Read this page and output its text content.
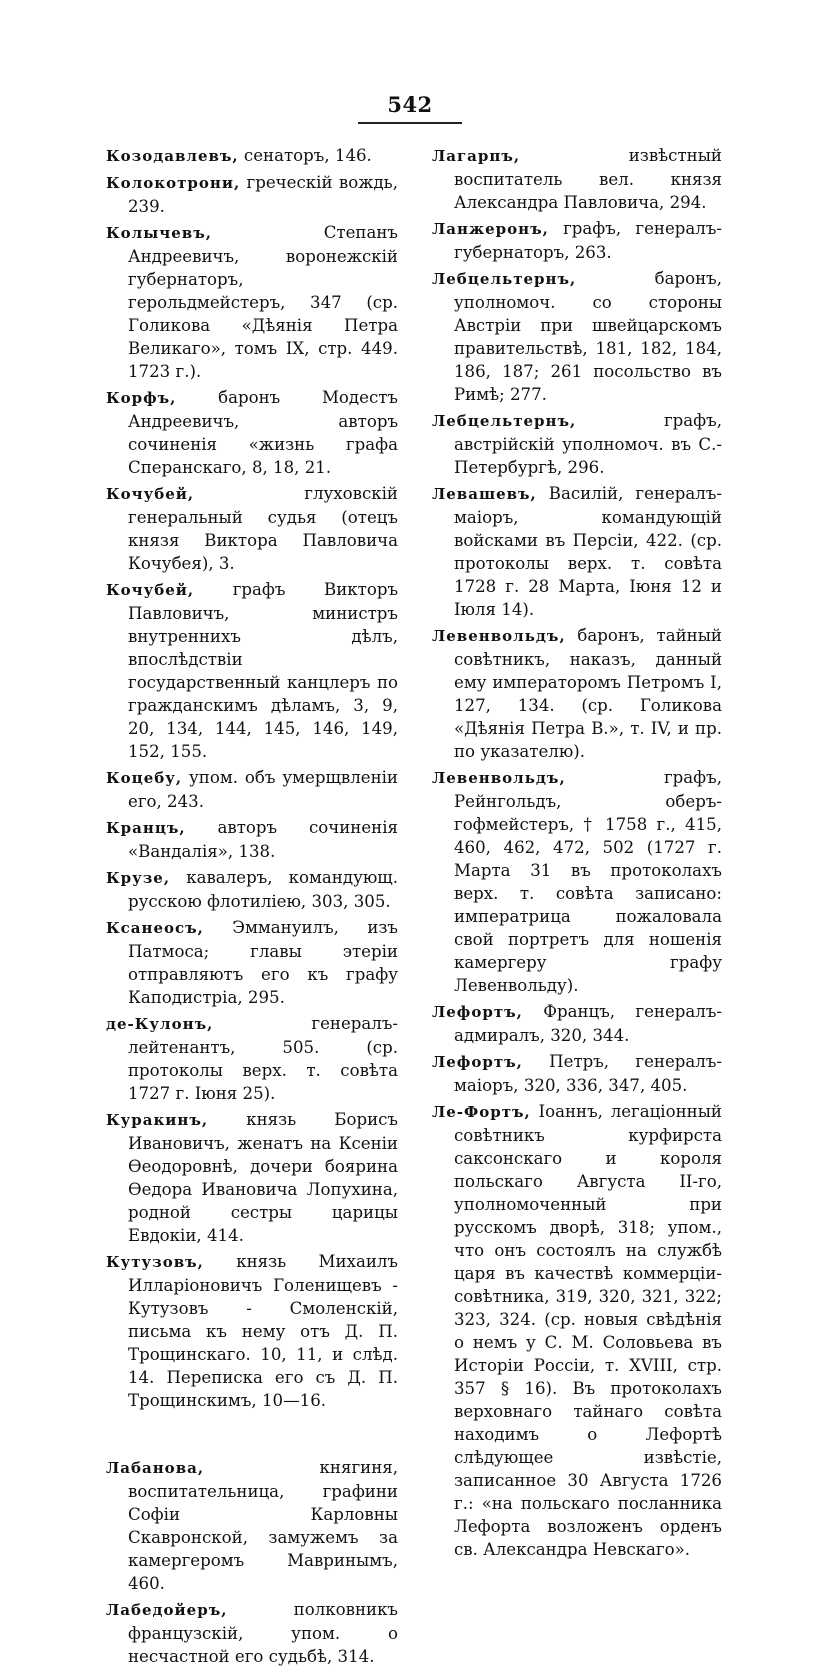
542

Козодавлевъ, сенаторъ, 146.

Колокотрони, греческій вождь, 239.

Колычевъ, Степанъ Андреевичъ, воронежскій губернаторъ, герольдмейстеръ, 347 (ср. Голикова «Дѣянія Петра Великаго», томъ IX, стр. 449. 1723 г.).

Корфъ, баронъ Модестъ Андреевичъ, авторъ сочиненія «жизнь графа Сперанскаго, 8, 18, 21.

Кочубей, глуховскій генеральный судья (отецъ князя Виктора Павловича Кочубея), 3.

Кочубей, графъ Викторъ Павловичъ, министръ внутреннихъ дѣлъ, впослѣдствіи государственный канцлеръ по гражданскимъ дѣламъ, 3, 9, 20, 134, 144, 145, 146, 149, 152, 155.

Коцебу, упом. объ умерщвленіи его, 243.

Кранцъ, авторъ сочиненія «Вандалія», 138.

Крузе, кавалеръ, командующ. русскою флотиліею, 303, 305.

Ксанеосъ, Эммануилъ, изъ Патмоса; главы этеріи отправляютъ его къ графу Каподистріа, 295.

де-Кулонъ, генералъ-лейтенантъ, 505. (ср. протоколы верх. т. совѣта 1727 г. Іюня 25).

Куракинъ, князь Борисъ Ивановичъ, женатъ на Ксеніи Ѳеодоровнѣ, дочери боярина Ѳедора Ивановича Лопухина, родной сестры царицы Евдокіи, 414.

Кутузовъ, князь Михаилъ Илларіоновичъ Голенищевъ - Кутузовъ - Смоленскій, письма къ нему отъ Д. П. Трощинскаго. 10, 11, и слѣд. 14. Переписка его съ Д. П. Трощинскимъ, 10—16.

Лабанова, княгиня, воспитательница, графини Софіи Карловны Скавронской, замужемъ за камергеромъ Мавринымъ, 460.

Лабедойеръ, полковникъ французскій, упом. о несчастной его судьбѣ, 314.

Лагарпъ, извѣстный воспитатель вел. князя Александра Павловича, 294.

Ланжеронъ, графъ, генералъ-губернаторъ, 263.

Лебцельтернъ, баронъ, уполномоч. со стороны Австріи при швейцарскомъ правительствѣ, 181, 182, 184, 186, 187; 261 посольство въ Римѣ; 277.

Лебцельтернъ, графъ, австрійскій уполномоч. въ С.-Петербургѣ, 296.

Левашевъ, Василій, генералъ-маіоръ, командующій войсками въ Персіи, 422. (ср. протоколы верх. т. совѣта 1728 г. 28 Марта, Іюня 12 и Іюля 14).

Левенвольдъ, баронъ, тайный совѣтникъ, наказъ, данный ему императоромъ Петромъ I, 127, 134. (ср. Голикова «Дѣянія Петра В.», т. IV, и пр. по указателю).

Левенвольдъ, графъ, Рейнгольдъ, оберъ-гофмейстеръ, † 1758 г., 415, 460, 462, 472, 502 (1727 г. Марта 31 въ протоколахъ верх. т. совѣта записано: императрица пожаловала свой портретъ для ношенія камергеру графу Левенвольду).

Лефортъ, Францъ, генералъ-адмиралъ, 320, 344.

Лефортъ, Петръ, генералъ-маіоръ, 320, 336, 347, 405.

Ле-Фортъ, Іоаннъ, легаціонный совѣтникъ курфирста саксонскаго и короля польскаго Августа II-го, уполномоченный при русскомъ дворѣ, 318; упом., что онъ состоялъ на службѣ царя въ качествѣ коммерціи-совѣтника, 319, 320, 321, 322; 323, 324. (ср. новыя свѣдѣнія о немъ у С. М. Соловьева въ Исторіи Россіи, т. XVIII, стр. 357 § 16). Въ протоколахъ верховнаго тайнаго совѣта находимъ о Лефортѣ слѣдующее извѣстіе, записанное 30 Августа 1726 г.: «на польскаго посланника Лефорта возложенъ орденъ св. Александра Невскаго».
